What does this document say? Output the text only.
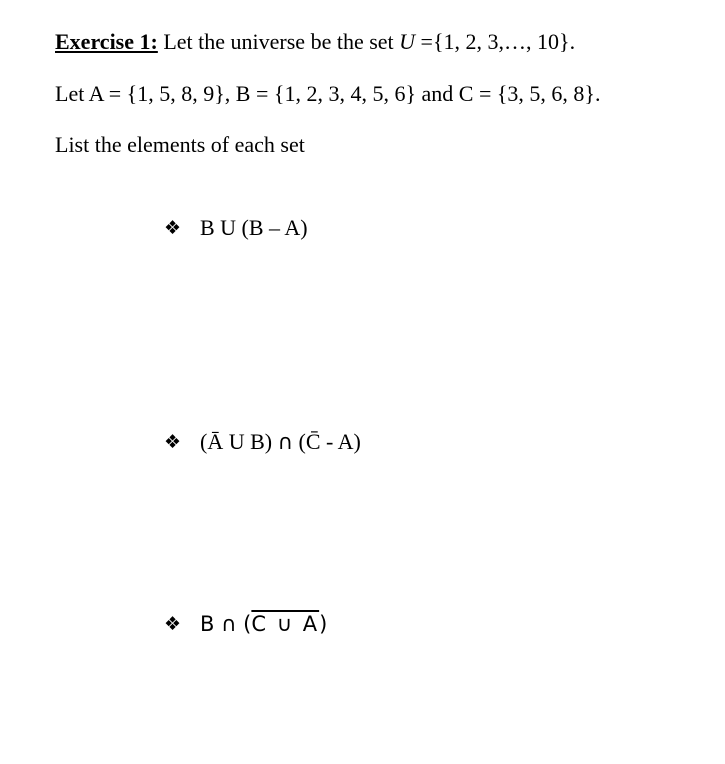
Exercise 1: Let the universe be the set U ={1, 2, 3,…, 10}.
Let A = {1, 5, 8, 9}, B = {1, 2, 3, 4, 5, 6} and C = {3, 5, 6, 8}.
List the elements of each set
❖ B U (B – A)
❖ (Ā U B) ∩ (C̄ - A)
❖ B ∩ (C ∪ A)
